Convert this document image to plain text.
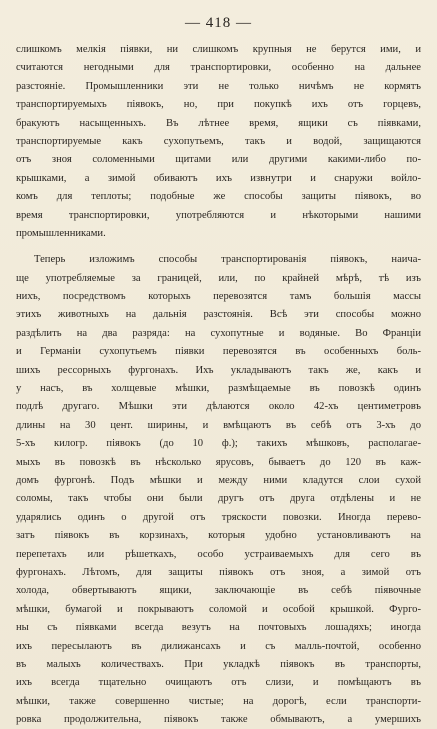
— 418 —
слишкомъ мелкія піявки, ни слишкомъ крупныя не берутся ими, и
считаются негодными для транспортировки, особенно на дальнее
разстояніе. Промышленники эти не только ничѣмъ не кормятъ
транспортируемыхъ піявокъ, но, при покупкѣ ихъ отъ горцевъ,
бракуютъ насыщенныхъ. Въ лѣтнее время, ящики съ піявками,
транспортируемые какъ сухопутьемъ, такъ и водой, защищаются
отъ зноя соломенными щитами или другими какими-либо по-
крышками, а зимой обиваютъ ихъ извнутри и снаружи войло-
комъ для теплоты; подобные же способы защиты піявокъ, во
время транспортировки, употребляются и нѣкоторыми нашими
промышленниками.
Теперь изложимъ способы транспортированія піявокъ, наича-
ще употребляемые за границей, или, по крайней мѣрѣ, тѣ изъ
нихъ, посредствомъ которыхъ перевозятся тамъ большія массы
этихъ животныхъ на дальнія разстоянія. Всѣ эти способы можно
раздѣлить на два разряда: на сухопутные и водяные. Во Франціи
и Германіи сухопутьемъ піявки перевозятся въ особенныхъ боль-
шихъ рессорныхъ фургонахъ. Ихъ укладываютъ такъ же, какъ и
у насъ, въ холщевые мѣшки, размѣщаемые въ повозкѣ одинъ
подлѣ другаго. Мѣшки эти дѣлаются около 42-хъ центиметровъ
длины на 30 цент. ширины, и вмѣщаютъ въ себѣ отъ 3-хъ до
5-хъ килогр. піявокъ (до 10 ф.); такихъ мѣшковъ, располагае-
мыхъ въ повозкѣ въ нѣсколько ярусовъ, бываетъ до 120 въ каж-
домъ фургонѣ. Подъ мѣшки и между ними кладутся слои сухой
соломы, такъ чтобы они были другъ отъ друга отдѣлены и не
ударялись одинъ о другой отъ тряскости повозки. Иногда перево-
затъ піявокъ въ корзинахъ, которыя удобно установливаютъ на
перепетахъ или рѣшеткахъ, особо устраиваемыхъ для сего въ
фургонахъ. Лѣтомъ, для защиты піявокъ отъ зноя, а зимой отъ
холода, обвертываютъ ящики, заключающіе въ себѣ піявочные
мѣшки, бумагой и покрываютъ соломой и особой крышкой. Фурго-
ны съ піявками всегда везутъ на почтовыхъ лошадяхъ; иногда
ихъ пересылаютъ въ дилижансахъ и съ малль-почтой, особенно
въ малыхъ количествахъ. При укладкѣ піявокъ въ транспорты,
ихъ всегда тщательно очищаютъ отъ слизи, и помѣщаютъ въ
мѣшки, также совершенно чистые; на дорогѣ, если транспорти-
ровка продолжительна, піявокъ также обмываютъ, а умершихъ
